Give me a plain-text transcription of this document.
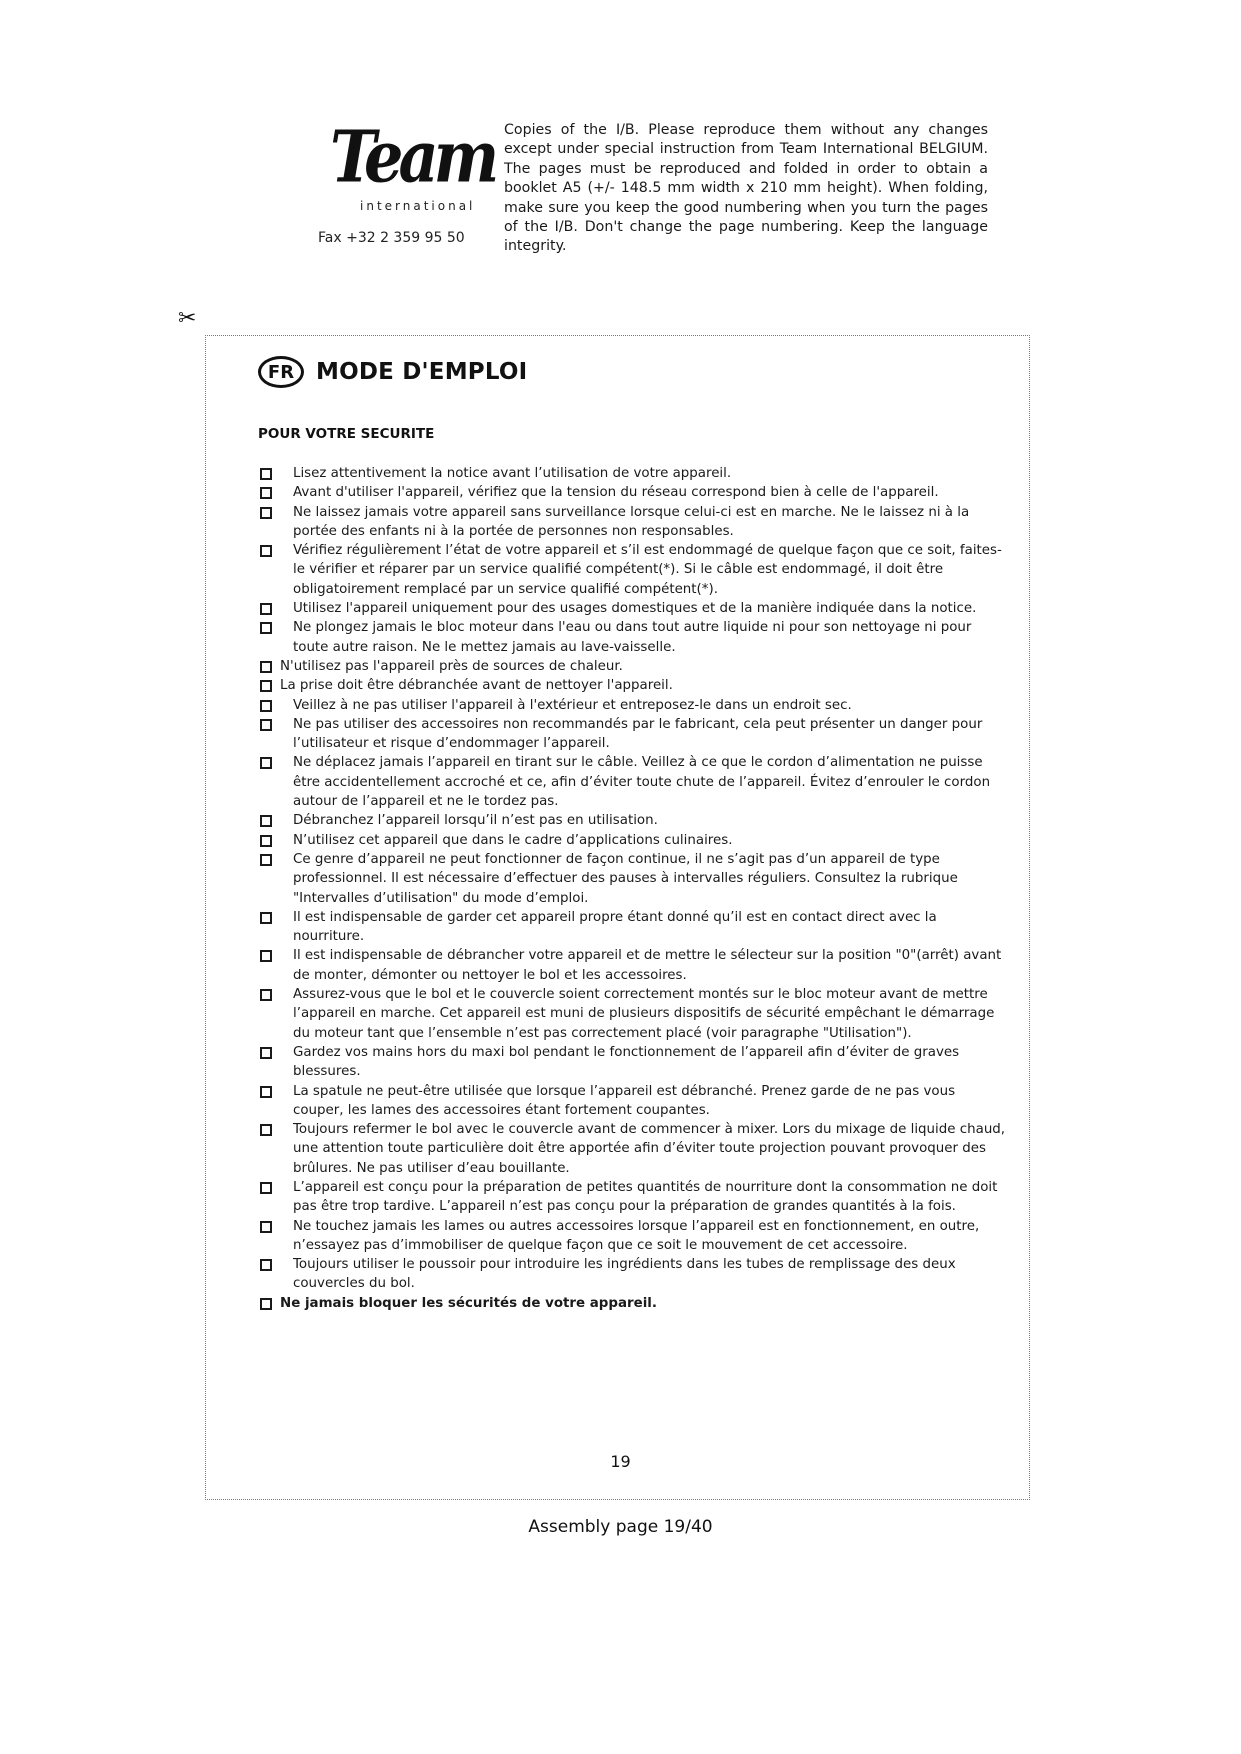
Team
international
Fax +32 2 359 95 50
Copies of the I/B. Please reproduce them without any changes except under special instruction from Team International BELGIUM. The pages must be reproduced and folded in order to obtain a booklet A5 (+/- 148.5 mm width x 210 mm height). When folding, make sure you keep the good numbering when you turn the pages of the I/B. Don't change the page numbering. Keep the language integrity.
✂
FR MODE D'EMPLOI
POUR VOTRE SECURITE
Lisez attentivement la notice avant l’utilisation de votre appareil.
Avant d'utiliser l'appareil, vérifiez que la tension du réseau correspond bien à celle de l'appareil.
Ne laissez jamais votre appareil sans surveillance lorsque celui-ci est en marche. Ne le laissez ni à la portée des enfants ni à la portée de personnes non responsables.
Vérifiez régulièrement l’état de votre appareil et s’il est endommagé de quelque façon que ce soit, faites-le vérifier et réparer par un service qualifié compétent(*). Si le câble est endommagé, il doit être obligatoirement remplacé par un service qualifié compétent(*).
Utilisez l'appareil uniquement pour des usages domestiques et de la manière indiquée dans la notice.
Ne plongez jamais le bloc moteur dans l'eau ou dans tout autre liquide ni pour son nettoyage ni pour toute autre raison. Ne le mettez jamais au lave-vaisselle.
N'utilisez pas l'appareil près de sources de chaleur.
La prise doit être débranchée avant de nettoyer l'appareil.
Veillez à ne pas utiliser l'appareil à l'extérieur et entreposez-le dans un endroit sec.
Ne pas utiliser des accessoires non recommandés par le fabricant, cela peut présenter un danger pour l’utilisateur et risque d’endommager l’appareil.
Ne déplacez jamais l’appareil en tirant sur le câble. Veillez à ce que le cordon d’alimentation ne puisse être accidentellement accroché et ce, afin d’éviter toute chute de l’appareil. Évitez d’enrouler le cordon autour de l’appareil et ne le tordez pas.
Débranchez l’appareil lorsqu’il n’est pas en utilisation.
N’utilisez cet appareil que dans le cadre d’applications culinaires.
Ce genre d’appareil ne peut fonctionner de façon continue, il ne s’agit pas d’un appareil de type professionnel. Il est nécessaire d’effectuer des pauses à intervalles réguliers. Consultez la rubrique "Intervalles d’utilisation" du mode d’emploi.
Il est indispensable de garder cet appareil propre étant donné qu’il est en contact direct avec la nourriture.
Il est indispensable de débrancher votre appareil et de mettre le sélecteur sur la position "0"(arrêt) avant de monter, démonter ou nettoyer le bol et les accessoires.
Assurez-vous que le bol et le couvercle soient correctement montés sur le bloc moteur avant de mettre l’appareil en marche. Cet appareil est muni de plusieurs dispositifs de sécurité empêchant le démarrage du moteur tant que l’ensemble n’est pas correctement placé (voir paragraphe "Utilisation").
Gardez vos mains hors du maxi bol pendant le fonctionnement de l’appareil afin d’éviter de graves blessures.
La spatule ne peut-être utilisée que lorsque l’appareil est débranché. Prenez garde de ne pas vous couper, les lames des accessoires étant fortement coupantes.
Toujours refermer le bol avec le couvercle avant de commencer à mixer. Lors du mixage de liquide chaud, une attention toute particulière doit être apportée afin d’éviter toute projection pouvant provoquer des brûlures. Ne pas utiliser d’eau bouillante.
L’appareil est conçu pour la préparation de petites quantités de nourriture dont la consommation ne doit pas être trop tardive. L’appareil n’est pas conçu pour la préparation de grandes quantités à la fois.
Ne touchez jamais les lames ou autres accessoires lorsque l’appareil est en fonctionnement, en outre, n’essayez pas d’immobiliser de quelque façon que ce soit le mouvement de cet accessoire.
Toujours utiliser le poussoir pour introduire les ingrédients dans les tubes de remplissage des deux couvercles du bol.
Ne jamais bloquer les sécurités de votre appareil.
19
Assembly page 19/40
